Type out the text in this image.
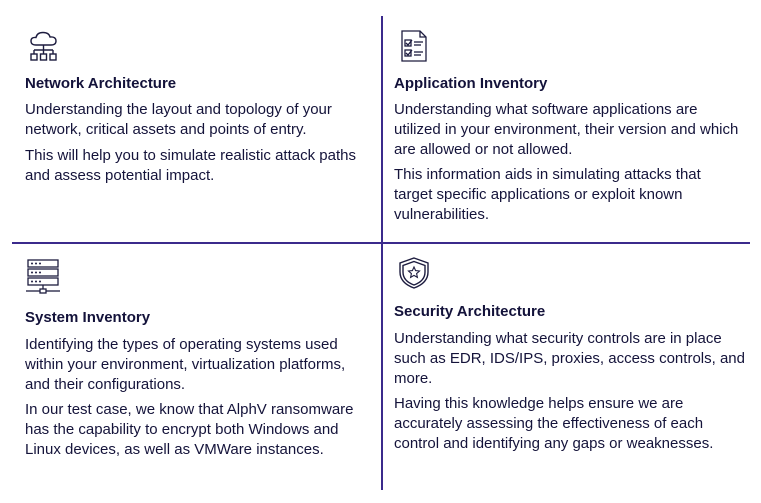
Network Architecture

Understanding the layout and topology of your network, critical assets and points of entry.

This will help you to simulate realistic attack paths and assess potential impact.

Application Inventory

Understanding what software applications are utilized in your environment, their version and which are allowed or not allowed.

This information aids in simulating attacks that target specific applications or exploit known vulnerabilities.

System Inventory

Identifying the types of operating systems used within your environment, virtualization platforms, and their configurations.

In our test case, we know that AlphV ransomware has the capability to encrypt both Windows and Linux devices, as well as VMWare instances.

Security Architecture

Understanding what security controls are in place such as EDR, IDS/IPS, proxies, access controls, and more.

Having this knowledge helps ensure we are accurately assessing the effectiveness of each control and identifying any gaps or weaknesses.
